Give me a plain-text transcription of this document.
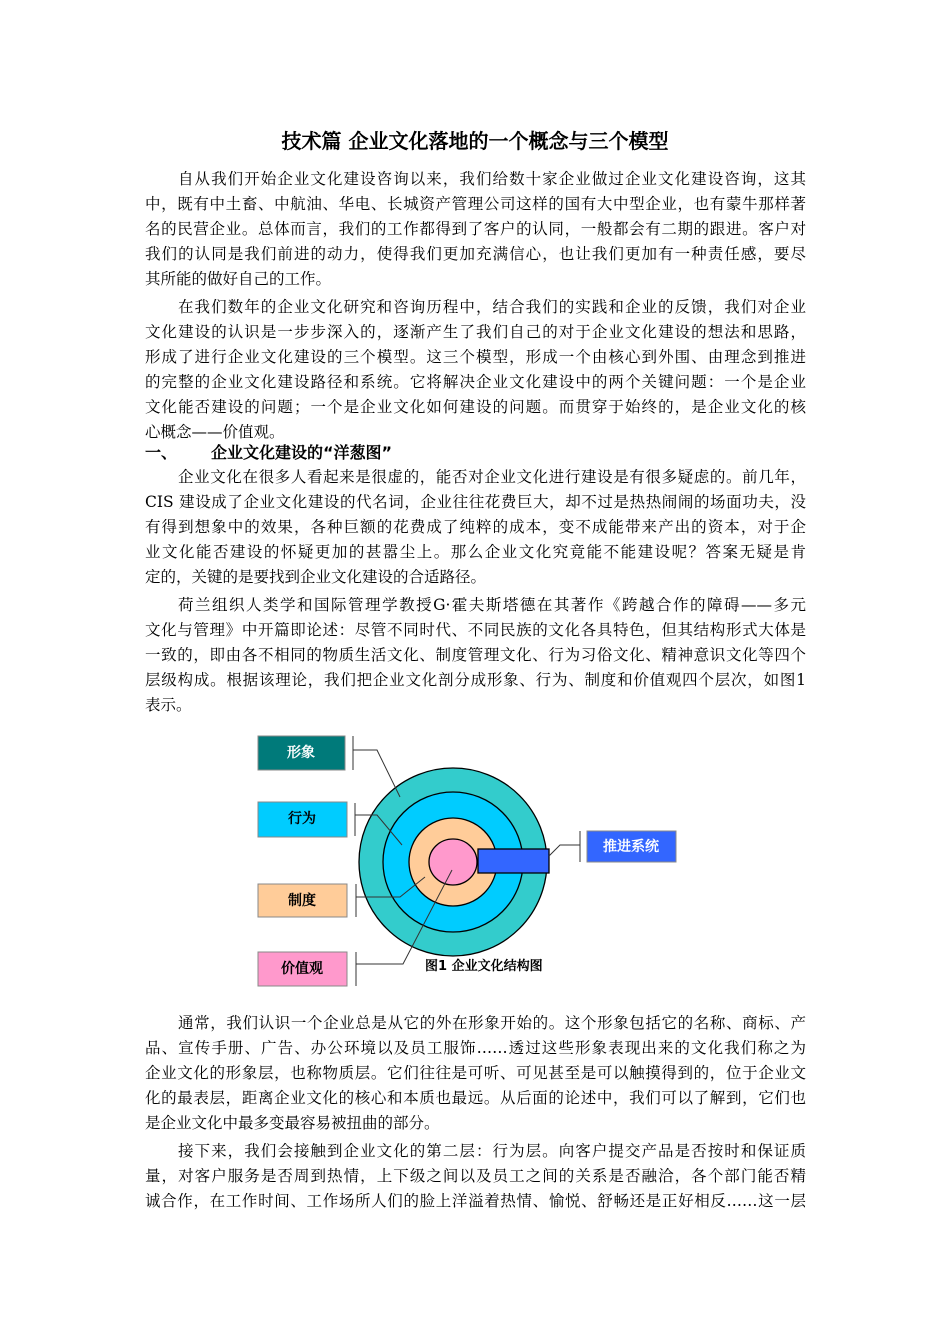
技术篇 企业文化落地的一个概念与三个模型
自从我们开始企业文化建设咨询以来，我们给数十家企业做过企业文化建设咨询，这其
中，既有中土畜、中航油、华电、长城资产管理公司这样的国有大中型企业，也有蒙牛那样著
名的民营企业。总体而言，我们的工作都得到了客户的认同，一般都会有二期的跟进。客户对
我们的认同是我们前进的动力，使得我们更加充满信心，也让我们更加有一种责任感，要尽
其所能的做好自己的工作。
在我们数年的企业文化研究和咨询历程中，结合我们的实践和企业的反馈，我们对企业
文化建设的认识是一步步深入的，逐渐产生了我们自己的对于企业文化建设的想法和思路，
形成了进行企业文化建设的三个模型。这三个模型，形成一个由核心到外围、由理念到推进
的完整的企业文化建设路径和系统。它将解决企业文化建设中的两个关键问题：一个是企业
文化能否建设的问题；一个是企业文化如何建设的问题。而贯穿于始终的，是企业文化的核
心概念——价值观。
一、 企业文化建设的“洋葱图”
企业文化在很多人看起来是很虚的，能否对企业文化进行建设是有很多疑虑的。前几年，
CIS 建设成了企业文化建设的代名词，企业往往花费巨大，却不过是热热闹闹的场面功夫，没
有得到想象中的效果，各种巨额的花费成了纯粹的成本，变不成能带来产出的资本，对于企
业文化能否建设的怀疑更加的甚嚣尘上。那么企业文化究竟能不能建设呢？答案无疑是肯
定的，关键的是要找到企业文化建设的合适路径。
荷兰组织人类学和国际管理学教授G·霍夫斯塔德在其著作《跨越合作的障碍——多元
文化与管理》中开篇即论述：尽管不同时代、不同民族的文化各具特色，但其结构形式大体是
一致的，即由各不相同的物质生活文化、制度管理文化、行为习俗文化、精神意识文化等四个
层级构成。根据该理论，我们把企业文化剖分成形象、行为、制度和价值观四个层次，如图1
表示。
形象
行为
制度
价值观
推进系统
图1 企业文化结构图
通常，我们认识一个企业总是从它的外在形象开始的。这个形象包括它的名称、商标、产
品、宣传手册、广告、办公环境以及员工服饰……透过这些形象表现出来的文化我们称之为
企业文化的形象层，也称物质层。它们往往是可听、可见甚至是可以触摸得到的，位于企业文
化的最表层，距离企业文化的核心和本质也最远。从后面的论述中，我们可以了解到，它们也
是企业文化中最多变最容易被扭曲的部分。
接下来，我们会接触到企业文化的第二层：行为层。向客户提交产品是否按时和保证质
量，对客户服务是否周到热情，上下级之间以及员工之间的关系是否融洽，各个部门能否精
诚合作，在工作时间、工作场所人们的脸上洋溢着热情、愉悦、舒畅还是正好相反……这一层
